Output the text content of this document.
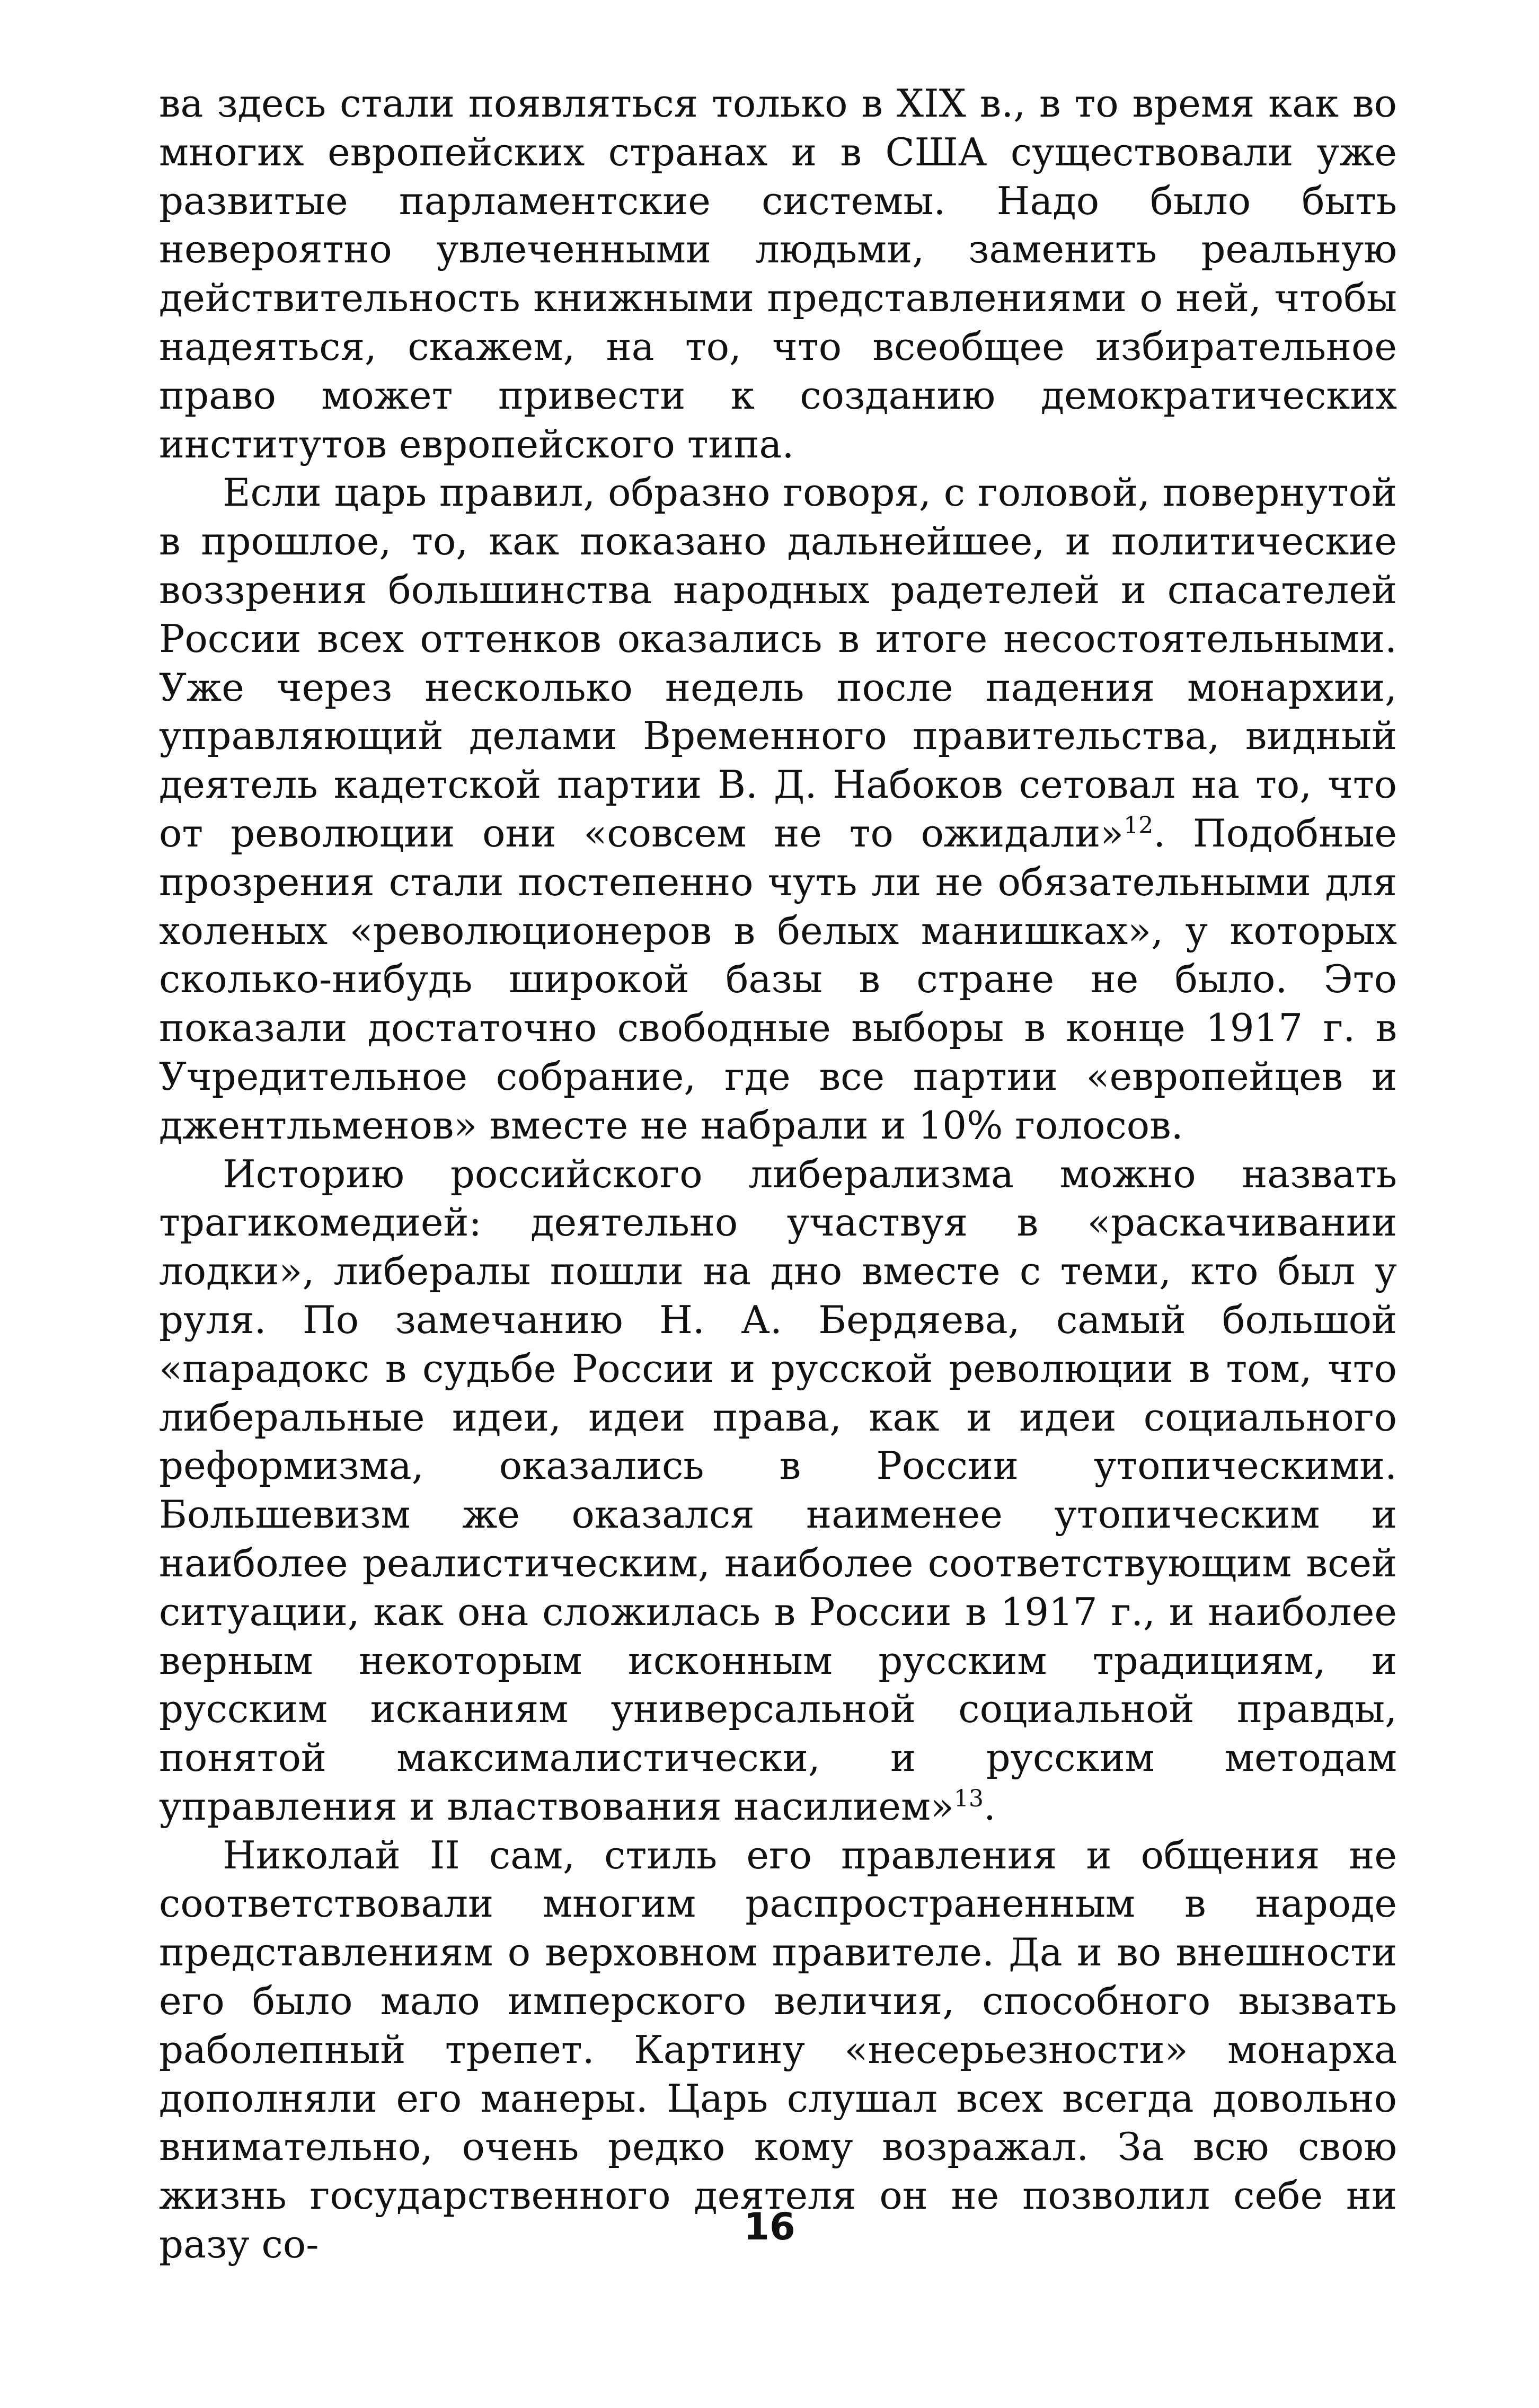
ва здесь стали появляться только в XIX в., в то время как во многих европейских странах и в США существовали уже развитые парламентские системы. Надо было быть невероятно увлеченными людьми, заменить реальную действительность книжными представлениями о ней, чтобы надеяться, скажем, на то, что всеобщее избирательное право может привести к созданию демократических институтов европейского типа.

Если царь правил, образно говоря, с головой, повернутой в прошлое, то, как показано дальнейшее, и политические воззрения большинства народных радетелей и спасателей России всех оттенков оказались в итоге несостоятельными. Уже через несколько недель после падения монархии, управляющий делами Временного правительства, видный деятель кадетской партии В. Д. Набоков сетовал на то, что от революции они «совсем не то ожидали»$^{12}$. Подобные прозрения стали постепенно чуть ли не обязательными для холеных «революционеров в белых манишках», у которых сколько-нибудь широкой базы в стране не было. Это показали достаточно свободные выборы в конце 1917 г. в Учредительное собрание, где все партии «европейцев и джентльменов» вместе не набрали и 10% голосов.

Историю российского либерализма можно назвать трагикомедией: деятельно участвуя в «раскачивании лодки», либералы пошли на дно вместе с теми, кто был у руля. По замечанию Н. А. Бердяева, самый большой «парадокс в судьбе России и русской революции в том, что либеральные идеи, идеи права, как и идеи социального реформизма, оказались в России утопическими. Большевизм же оказался наименее утопическим и наиболее реалистическим, наиболее соответствующим всей ситуации, как она сложилась в России в 1917 г., и наиболее верным некоторым исконным русским традициям, и русским исканиям универсальной социальной правды, понятой максималистически, и русским методам управления и властвования насилием»$^{13}$.

Николай II сам, стиль его правления и общения не соответствовали многим распространенным в народе представлениям о верховном правителе. Да и во внешности его было мало имперского величия, способного вызвать раболепный трепет. Картину «несерьезности» монарха дополняли его манеры. Царь слушал всех всегда довольно внимательно, очень редко кому возражал. За всю свою жизнь государственного деятеля он не позволил себе ни разу со-	16
